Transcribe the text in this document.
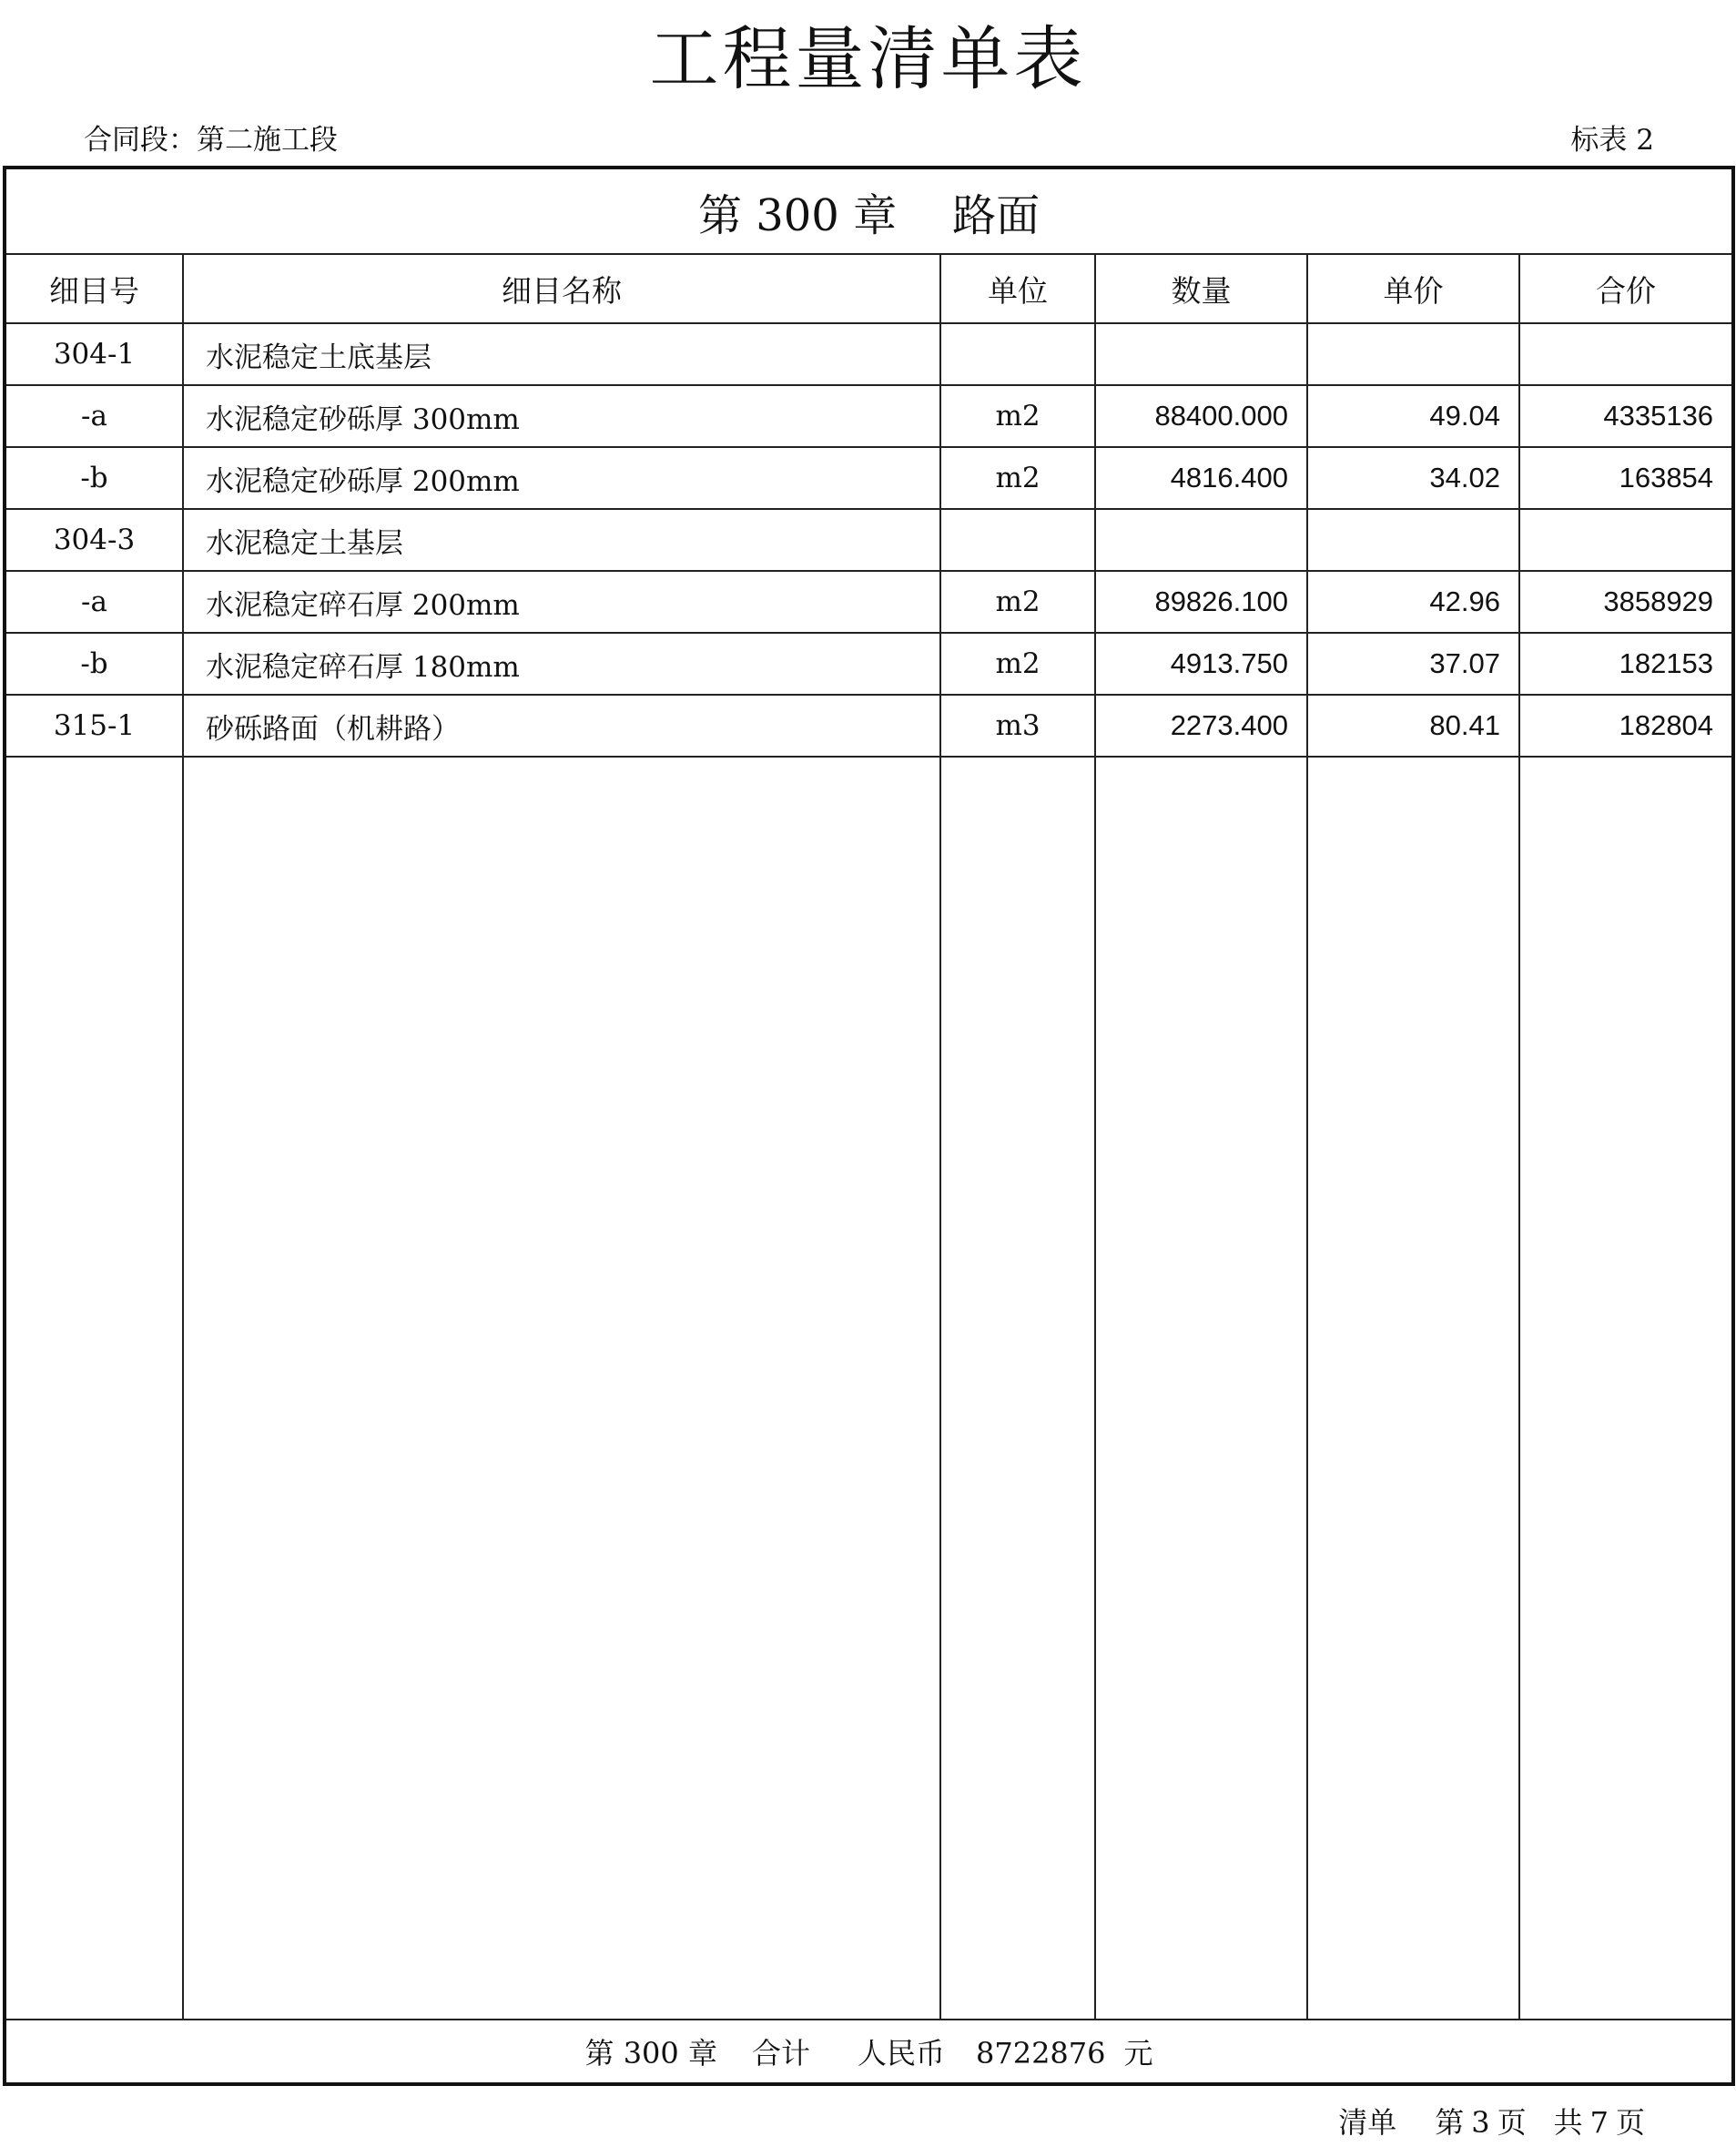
工程量清单表
合同段：第二施工段	标表 2
第 300 章    路面					
细目号	细目名称	单位	数量	单价	合价
304-1	水泥稳定土底基层				
-a	水泥稳定砂砾厚 300mm	m2	88400.000	49.04	4335136
-b	水泥稳定砂砾厚 200mm	m2	4816.400	34.02	163854
304-3	水泥稳定土基层				
-a	水泥稳定碎石厚 200mm	m2	89826.100	42.96	3858929
-b	水泥稳定碎石厚 180mm	m2	4913.750	37.07	182153
315-1	砂砾路面（机耕路）	m3	2273.400	80.41	182804

第 300 章 合计 人民币 8722876 元					
清单 第 3 页 共 7 页
